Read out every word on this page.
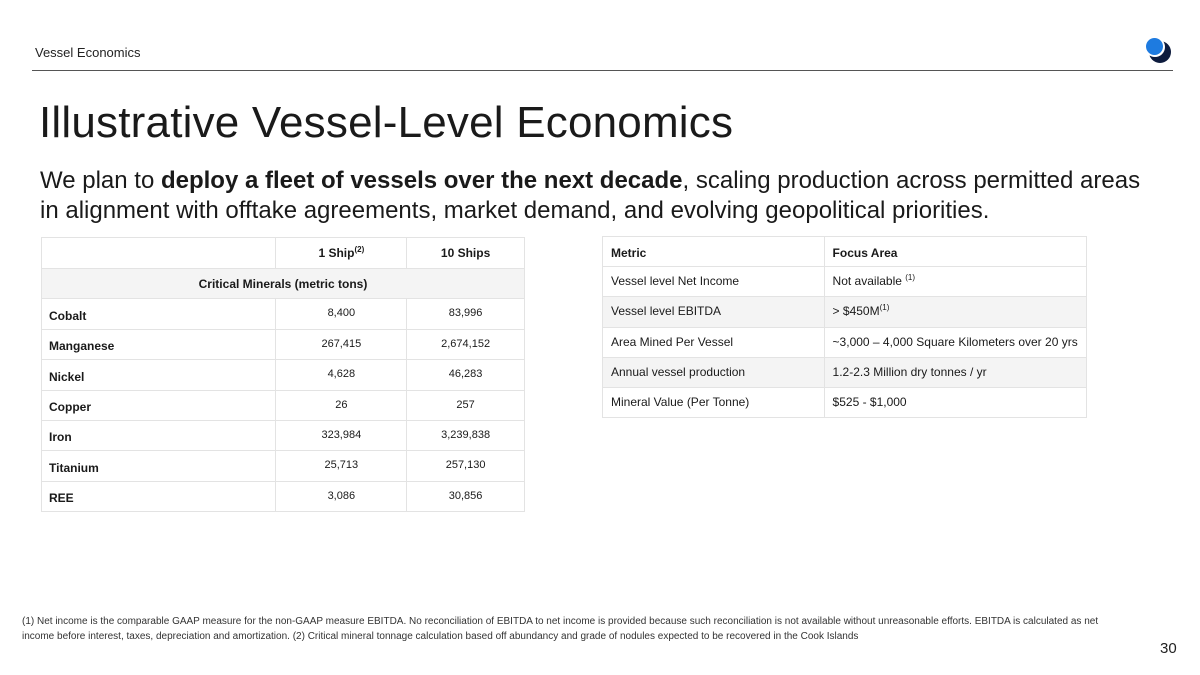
Vessel Economics
Illustrative Vessel-Level Economics

We plan to deploy a fleet of vessels over the next decade, scaling production across permitted areas in alignment with offtake agreements, market demand, and evolving geopolitical priorities.

	1 Ship$^{(2)}$	10 Ships
Critical Minerals (metric tons)		
Cobalt	8,400	83,996
Manganese	267,415	2,674,152
Nickel	4,628	46,283
Copper	26	257
Iron	323,984	3,239,838
Titanium	25,713	257,130
REE	3,086	30,856
Metric	Focus Area
Vessel level Net Income	Not available $^{(1)}$
Vessel level EBITDA	> $\$450M^{(1)}$
Area Mined Per Vessel	~3,000 – 4,000 Square Kilometers over 20 yrs
Annual vessel production	1.2-2.3 Million dry tonnes / yr
Mineral Value (Per Tonne)	$525 - $1,000

(1) Net income is the comparable GAAP measure for the non-GAAP measure EBITDA. No reconciliation of EBITDA to net income is provided because such reconciliation is not available without unreasonable efforts. EBITDA is calculated as net income before interest, taxes, depreciation and amortization. (2) Critical mineral tonnage calculation based off abundancy and grade of nodules expected to be recovered in the Cook Islands

30
